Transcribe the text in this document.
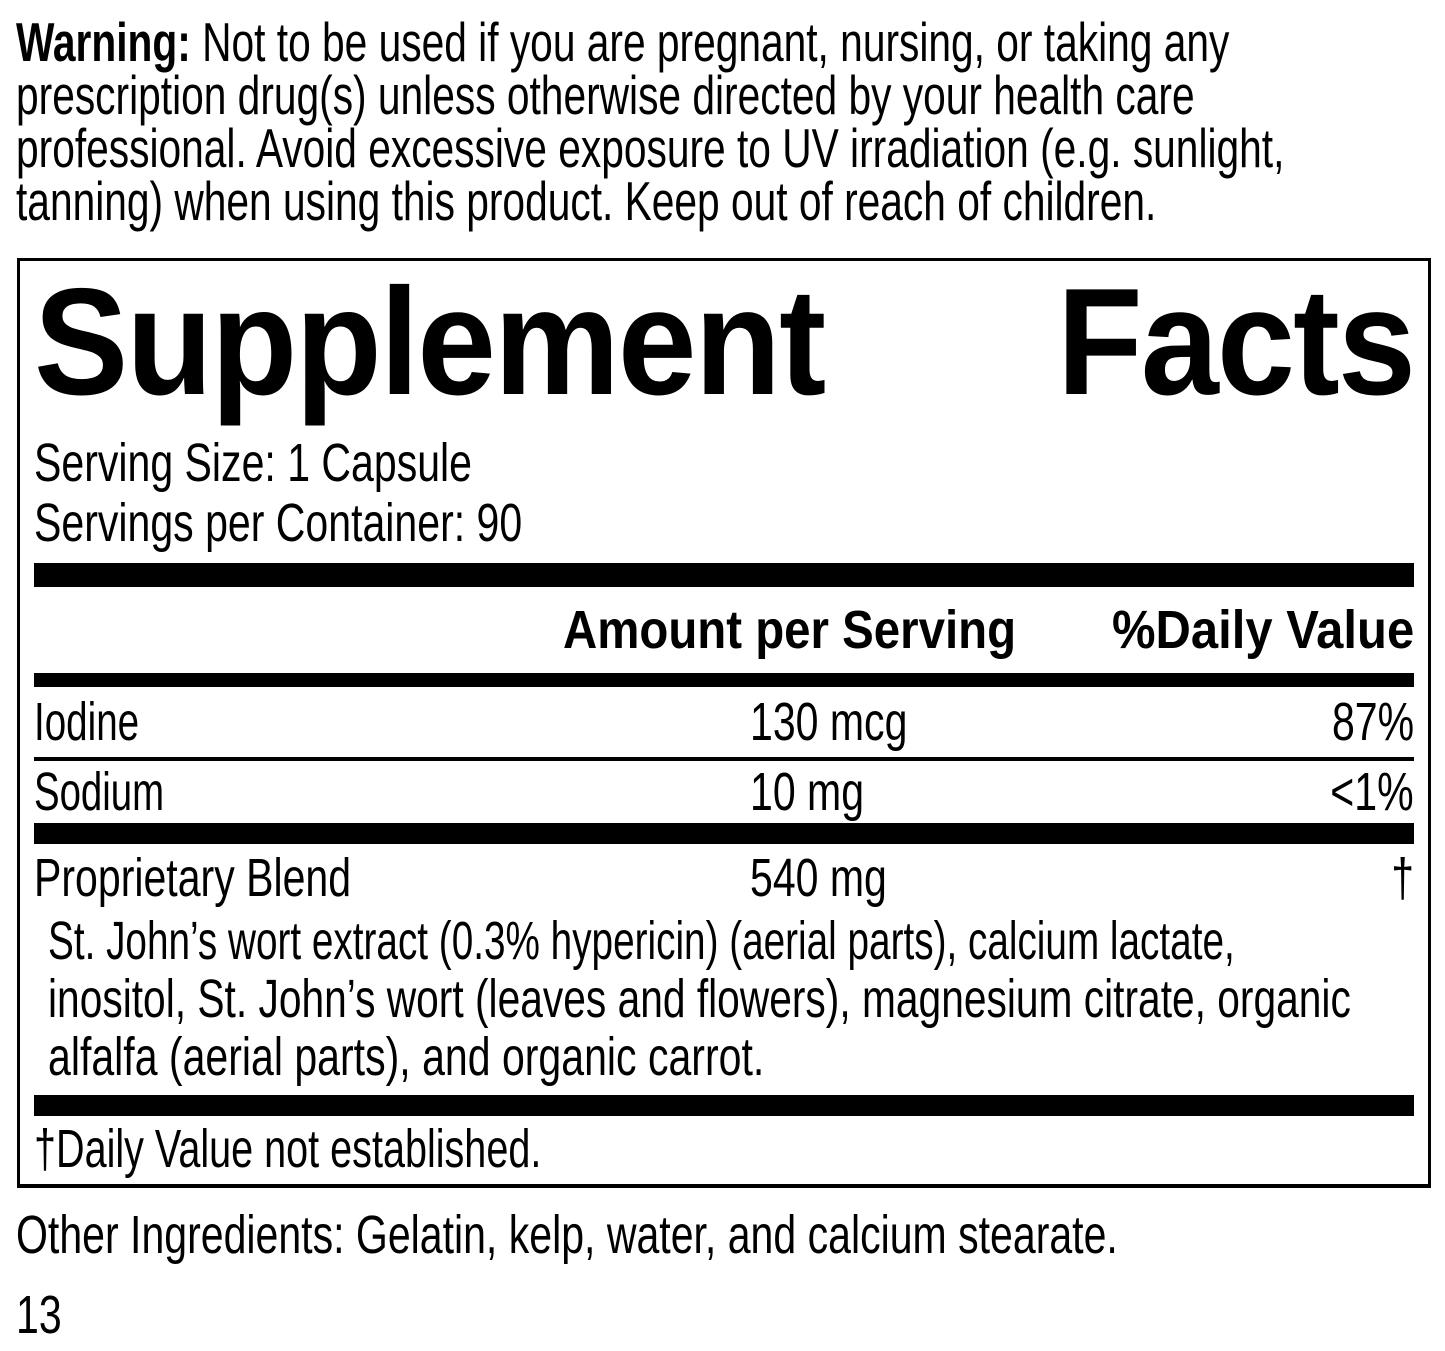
Warning: Not to be used if you are pregnant, nursing, or taking any
prescription drug(s) unless otherwise directed by your health care
professional. Avoid excessive exposure to UV irradiation (e.g. sunlight,
tanning) when using this product. Keep out of reach of children.
Supplement Facts
Serving Size: 1 Capsule
Servings per Container: 90
Amount per Serving %Daily Value
Iodine	130 mcg	87%
Sodium	10 mg	<1%
Proprietary Blend	540 mg	†
St. John’s wort extract (0.3% hypericin) (aerial parts), calcium lactate,
inositol, St. John’s wort (leaves and flowers), magnesium citrate, organic
alfalfa (aerial parts), and organic carrot.
†Daily Value not established.
Other Ingredients: Gelatin, kelp, water, and calcium stearate.
13
